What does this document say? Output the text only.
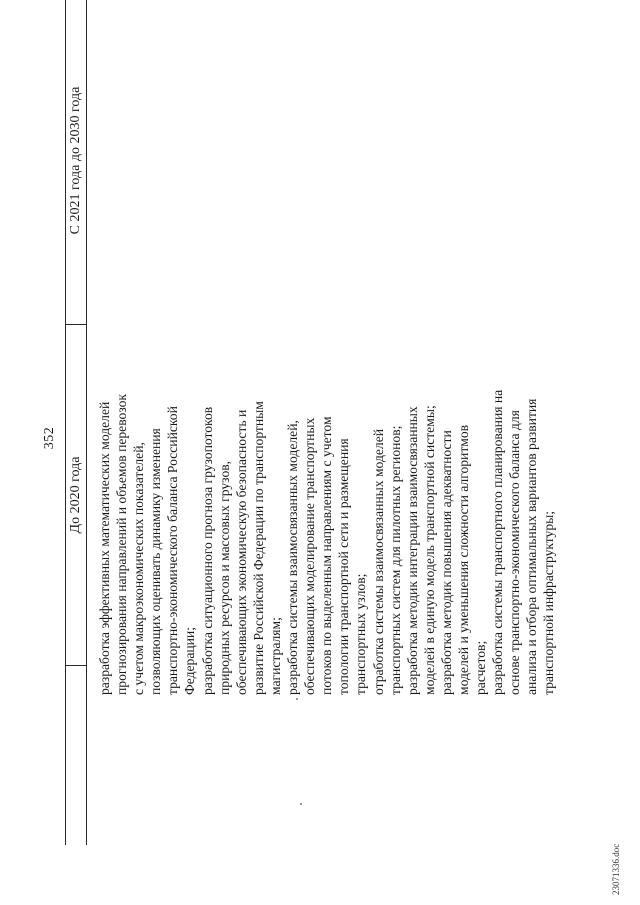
352
До 2020 года
С 2021 года до 2030 года
разработка эффективных математических моделей прогнозирования направлений и объемов перевозок с учетом макроэкономических показателей, позволяющих оценивать динамику изменения транспортно-экономического баланса Российской Федерации; разработка ситуационного прогноза грузопотоков природных ресурсов и массовых грузов, обеспечивающих экономическую безопасность и развитие Российской Федерации по транспортным магистралям; разработка системы взаимосвязанных моделей, обеспечивающих моделирование транспортных потоков по выделенным направлениям с учетом топологии транспортной сети и размещения транспортных узлов; отработка системы взаимосвязанных моделей транспортных систем для пилотных регионов; разработка методик интеграции взаимосвязанных моделей в единую модель транспортной системы; разработка методик повышения адекватности моделей и уменьшения сложности алгоритмов расчетов; разработка системы транспортного планирования на основе транспортно-экономического баланса для анализа и отбора оптимальных вариантов развития транспортной инфраструктуры;
23071336.doc
